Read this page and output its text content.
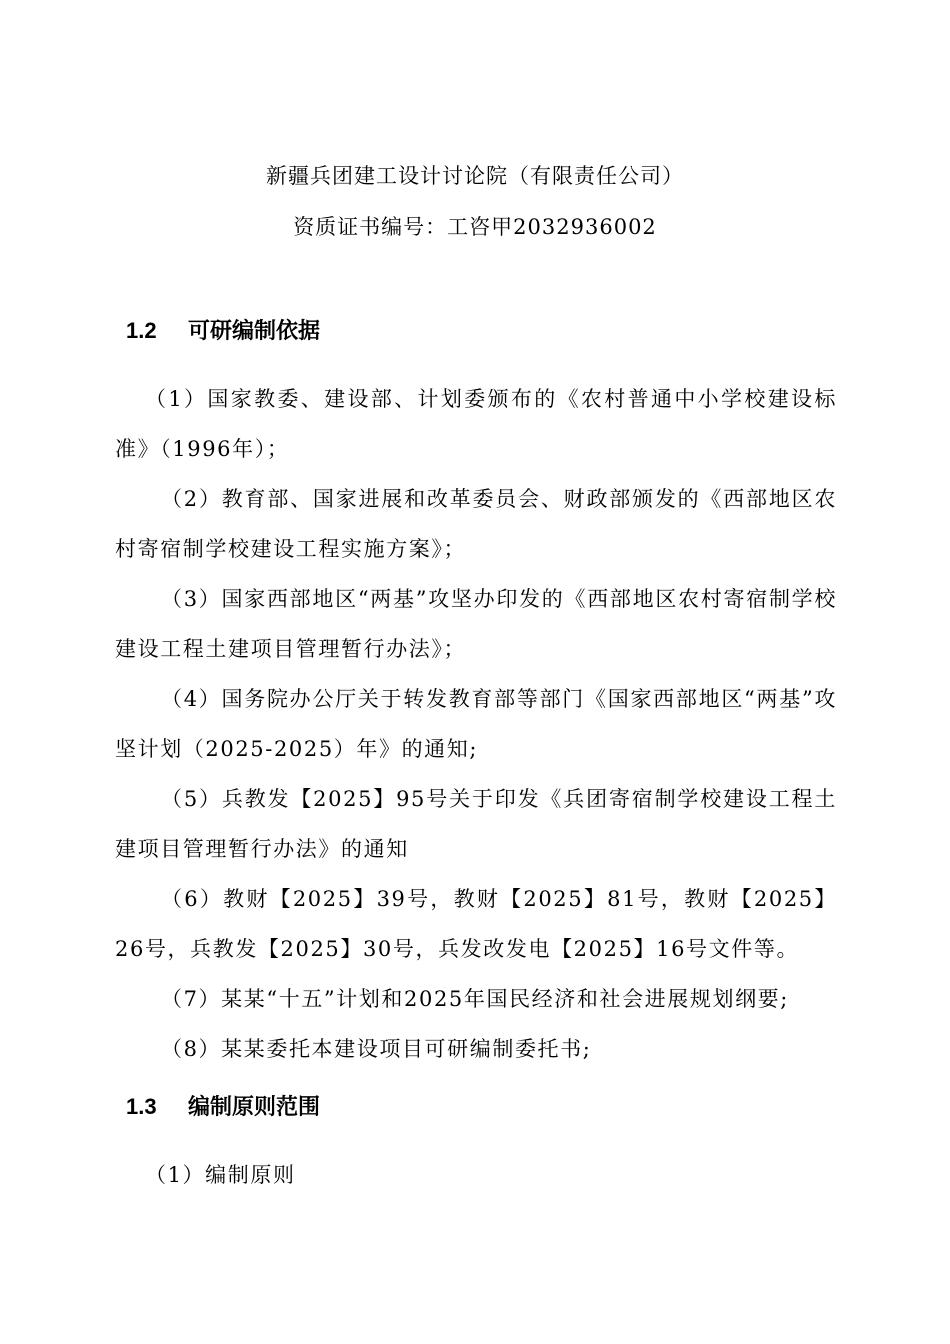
新疆兵团建工设计讨论院（有限责任公司）
资质证书编号：工咨甲2032936002
1.2 可研编制依据

（1）国家教委、建设部、计划委颁布的《农村普通中小学校建设标准》（1996年）；

（2）教育部、国家进展和改革委员会、财政部颁发的《西部地区农村寄宿制学校建设工程实施方案》；

（3）国家西部地区“两基”攻坚办印发的《西部地区农村寄宿制学校建设工程土建项目管理暂行办法》；

（4）国务院办公厅关于转发教育部等部门《国家西部地区“两基”攻坚计划（2025-2025）年》的通知;

（5）兵教发【2025】95号关于印发《兵团寄宿制学校建设工程土建项目管理暂行办法》的通知

（6）教财【2025】39号，教财【2025】81号，教财【2025】26号，兵教发【2025】30号，兵发改发电【2025】16号文件等。

（7）某某“十五”计划和2025年国民经济和社会进展规划纲要;

（8）某某委托本建设项目可研编制委托书;

1.3 编制原则范围

（1）编制原则
